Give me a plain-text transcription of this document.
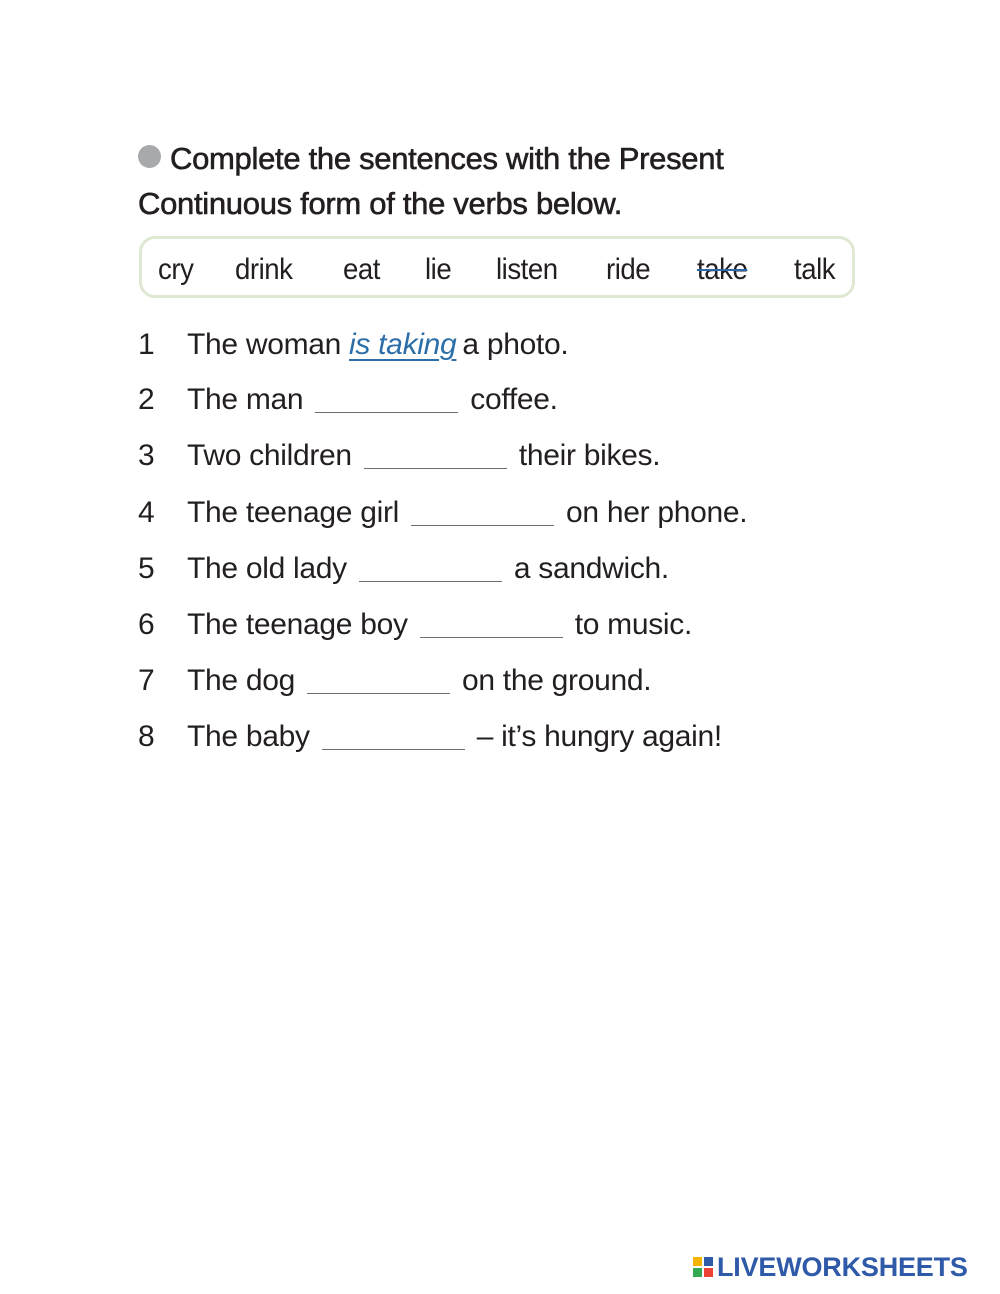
Complete the sentences with the Present
Continuous form of the verbs below.
cry drink eat lie listen ride take talk
1 The woman is taking a photo.
2 The man	coffee.
3 Two children	their bikes.
4 The teenage girl	on her phone.
5 The old lady	a sandwich.
6 The teenage boy	to music.
7 The dog	on the ground.
8 The baby	– it’s hungry again!
LIVEWORKSHEETS
